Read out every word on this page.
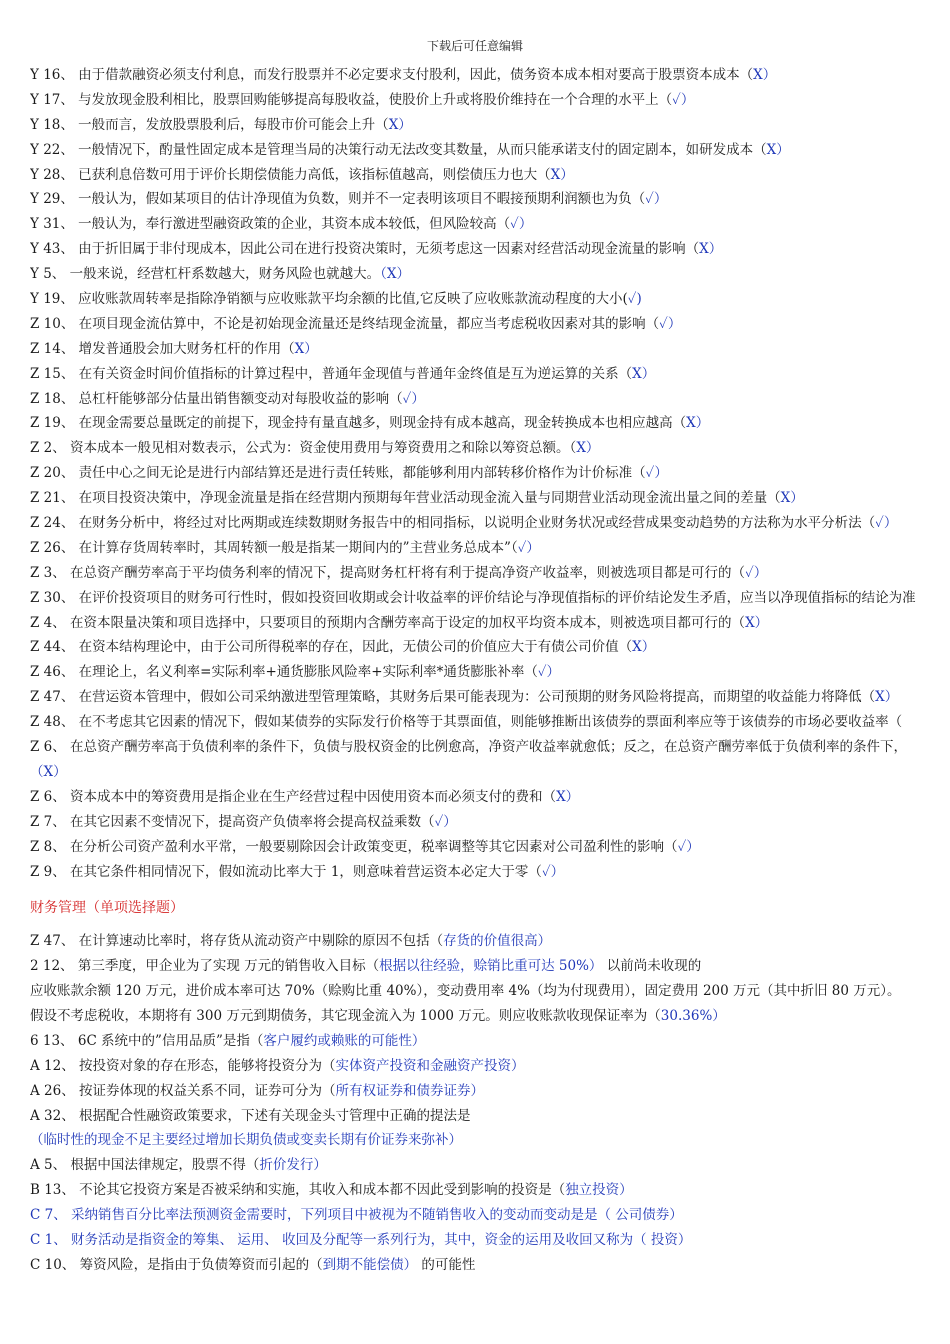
下载后可任意编辑
Y 16、 由于借款融资必须支付利息，而发行股票并不必定要求支付股利，因此，债务资本成本相对要高于股票资本成本（X）
Y 17、 与发放现金股利相比，股票回购能够提高每股收益，使股价上升或将股价维持在一个合理的水平上（✓）
Y 18、 一般而言，发放股票股利后，每股市价可能会上升（X）
Y 22、 一般情况下，酌量性固定成本是管理当局的决策行动无法改变其数量，从而只能承诺支付的固定剧本，如研发成本（X）
Y 28、 已获利息倍数可用于评价长期偿债能力高低，该指标值越高，则偿债压力也大（X）
Y 29、 一般认为，假如某项目的估计净现值为负数，则并不一定表明该项目不暇接预期利润额也为负（✓）
Y 31、 一般认为，奉行激进型融资政策的企业，其资本成本较低，但风险较高（✓）
Y 43、 由于折旧属于非付现成本，因此公司在进行投资决策时，无须考虑这一因素对经营活动现金流量的影响（X）
Y 5、 一般来说，经营杠杆系数越大，财务风险也就越大。（X）
Y 19、 应收账款周转率是指除净销额与应收账款平均余额的比值,它反映了应收账款流动程度的大小(✓)
Z 10、 在项目现金流估算中，不论是初始现金流量还是终结现金流量，都应当考虑税收因素对其的影响（✓）
Z 14、 增发普通股会加大财务杠杆的作用（X）
Z 15、 在有关资金时间价值指标的计算过程中，普通年金现值与普通年金终值是互为逆运算的关系（X）
Z 18、 总杠杆能够部分估量出销售额变动对每股收益的影响（✓）
Z 19、 在现金需要总量既定的前提下，现金持有量直越多，则现金持有成本越高，现金转换成本也相应越高（X）
Z 2、 资本成本一般见相对数表示，公式为：资金使用费用与筹资费用之和除以筹资总额。（X）
Z 20、 责任中心之间无论是进行内部结算还是进行责任转账，都能够利用内部转移价格作为计价标准（✓）
Z 21、 在项目投资决策中，净现金流量是指在经营期内预期每年营业活动现金流入量与同期营业活动现金流出量之间的差量（X）
Z 24、 在财务分析中，将经过对比两期或连续数期财务报告中的相同指标，以说明企业财务状况或经营成果变动趋势的方法称为水平分析法（✓）
Z 26、 在计算存货周转率时，其周转额一般是指某一期间内的”主营业务总成本”（✓）
Z 3、 在总资产酬劳率高于平均债务利率的情况下，提高财务杠杆将有利于提高净资产收益率，则被选项目都是可行的（✓）
Z 30、 在评价投资项目的财务可行性时，假如投资回收期或会计收益率的评价结论与净现值指标的评价结论发生矛盾，应当以净现值指标的结论为准
Z 4、 在资本限量决策和项目选择中，只要项目的预期内含酬劳率高于设定的加权平均资本成本，则被选项目都可行的（X）
Z 44、 在资本结构理论中，由于公司所得税率的存在，因此，无债公司的价值应大于有债公司价值（X）
Z 46、 在理论上，名义利率=实际利率+通货膨胀风险率+实际利率*通货膨胀补率（✓）
Z 47、 在营运资本管理中，假如公司采纳激进型管理策略，其财务后果可能表现为：公司预期的财务风险将提高，而期望的收益能力将降低（X）
Z 48、 在不考虑其它因素的情况下，假如某债券的实际发行价格等于其票面值，则能够推断出该债券的票面利率应等于该债券的市场必要收益率（
Z 6、 在总资产酬劳率高于负债利率的条件下，负债与股权资金的比例愈高，净资产收益率就愈低；反之，在总资产酬劳率低于负债利率的条件下，
（X）
Z 6、 资本成本中的筹资费用是指企业在生产经营过程中因使用资本而必须支付的费和（X）
Z 7、 在其它因素不变情况下，提高资产负债率将会提高权益乘数（✓）
Z 8、 在分析公司资产盈利水平常，一般要剔除因会计政策变更，税率调整等其它因素对公司盈利性的影响（✓）
Z 9、 在其它条件相同情况下，假如流动比率大于 1，则意味着营运资本必定大于零（✓）
财务管理（单项选择题）
Z 47、 在计算速动比率时，将存货从流动资产中剔除的原因不包括（存货的价值很高）
2 12、 第三季度，甲企业为了实现 万元的销售收入目标（根据以往经验，赊销比重可达 50%） 以前尚未收现的
应收账款余额 120 万元，进价成本率可达 70%（赊购比重 40%），变动费用率 4%（均为付现费用），固定费用 200 万元（其中折旧 80 万元）。
假设不考虑税收，本期将有 300 万元到期债务，其它现金流入为 1000 万元。则应收账款收现保证率为（30.36%）
6 13、 6C 系统中的”信用品质”是指（客户履约或赖账的可能性）
A 12、 按投资对象的存在形态，能够将投资分为（实体资产投资和金融资产投资）
A 26、 按证券体现的权益关系不同，证券可分为（所有权证券和债券证券）
A 32、 根据配合性融资政策要求，下述有关现金头寸管理中正确的提法是
（临时性的现金不足主要经过增加长期负债或变卖长期有价证券来弥补）
A 5、 根据中国法律规定，股票不得（折价发行）
B 13、 不论其它投资方案是否被采纳和实施，其收入和成本都不因此受到影响的投资是（独立投资）
C 7、 采纳销售百分比率法预测资金需要时，下列项目中被视为不随销售收入的变动而变动是是（ 公司债券）
C 1、 财务活动是指资金的筹集、 运用、 收回及分配等一系列行为，其中，资金的运用及收回又称为（ 投资）
C 10、 筹资风险，是指由于负债筹资而引起的（到期不能偿债） 的可能性
